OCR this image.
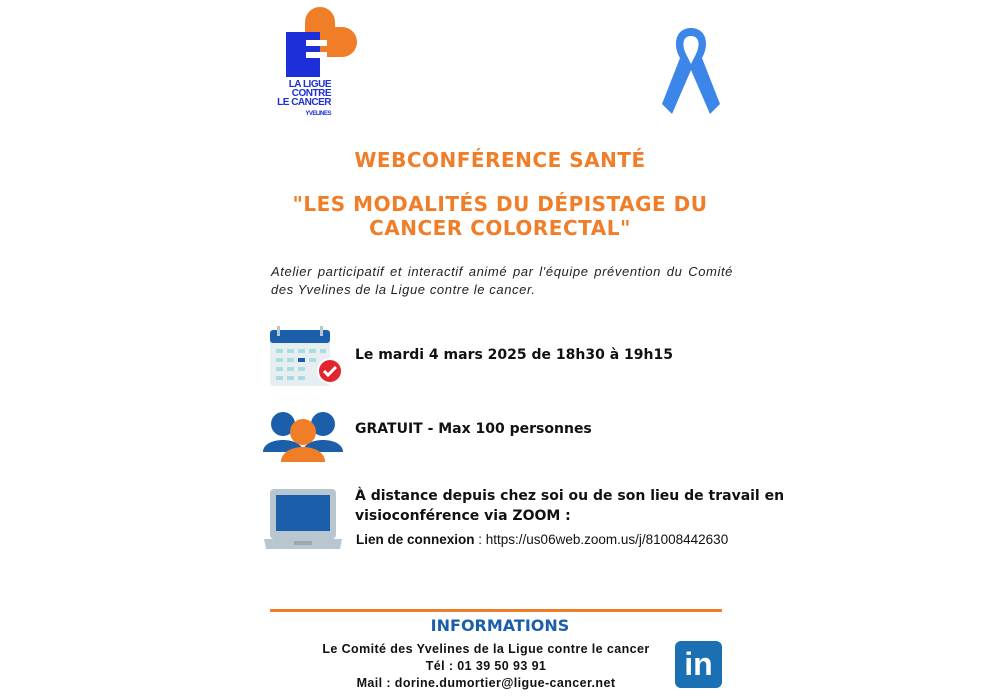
LA LIGUE
CONTRE
LE CANCER
YVELINES
WEBCONFÉRENCE SANTÉ
"LES MODALITÉS DU DÉPISTAGE DU
CANCER COLORECTAL"
Atelier participatif et interactif animé par l'équipe prévention du Comité des Yvelines de la Ligue contre le cancer.
Le mardi 4 mars 2025 de 18h30 à 19h15
GRATUIT - Max 100 personnes
À distance depuis chez soi ou de son lieu de travail en
visioconférence via ZOOM :
Lien de connexion : https://us06web.zoom.us/j/81008442630
INFORMATIONS
Le Comité des Yvelines de la Ligue contre le cancer
Tél : 01 39 50 93 91
Mail : dorine.dumortier@ligue-cancer.net
in
